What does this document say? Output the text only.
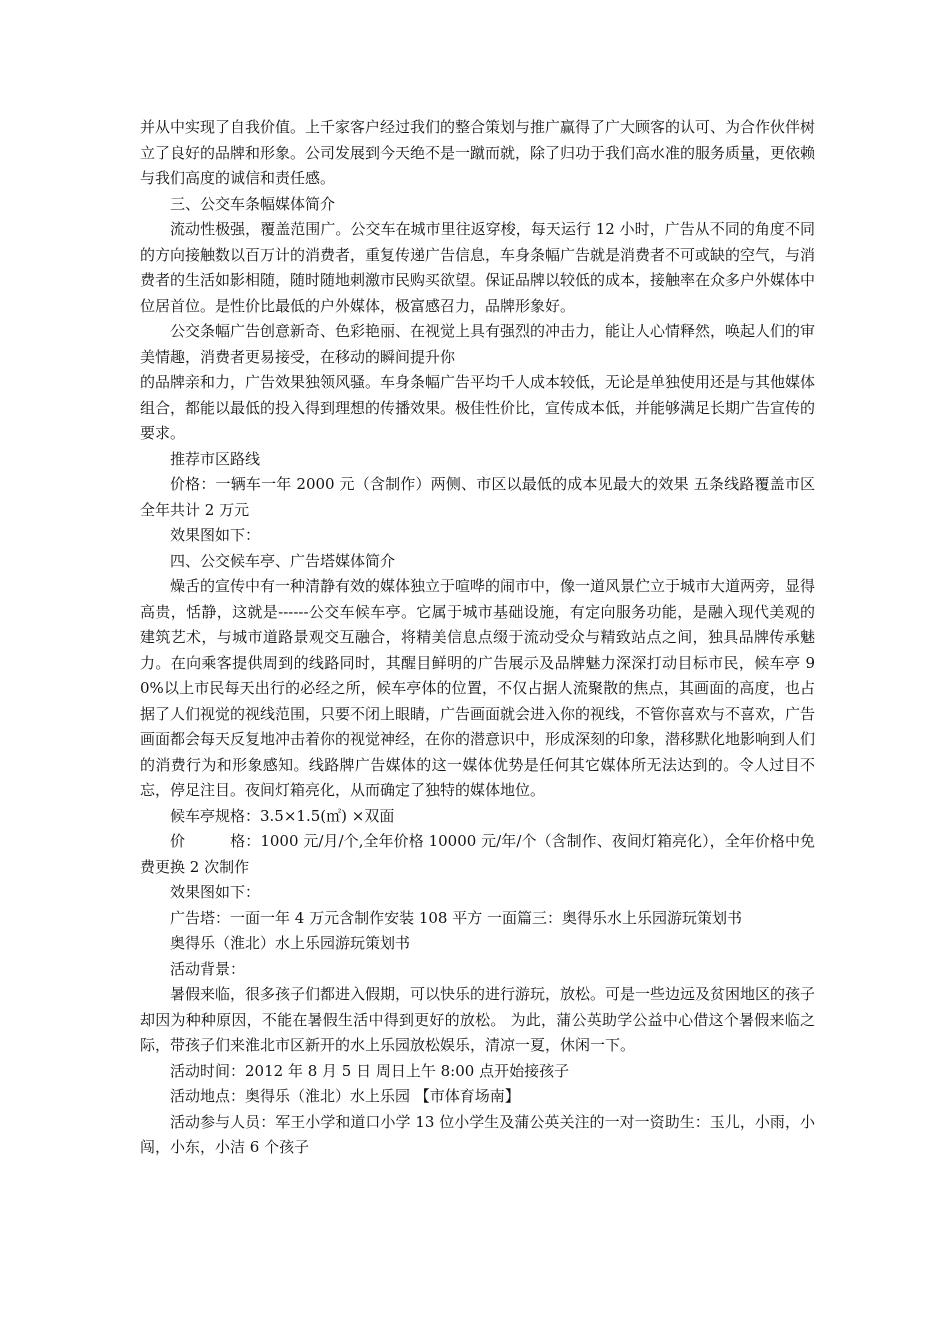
并从中实现了自我价值。上千家客户经过我们的整合策划与推广赢得了广大顾客的认可、为合作伙伴树立了良好的品牌和形象。公司发展到今天绝不是一蹴而就，除了归功于我们高水准的服务质量，更依赖与我们高度的诚信和责任感。

三、公交车条幅媒体简介

流动性极强，覆盖范围广。公交车在城市里往返穿梭，每天运行 12 小时，广告从不同的角度不同的方向接触数以百万计的消费者，重复传递广告信息，车身条幅广告就是消费者不可或缺的空气，与消费者的生活如影相随，随时随地刺激市民购买欲望。保证品牌以较低的成本，接触率在众多户外媒体中位居首位。是性价比最低的户外媒体，极富感召力，品牌形象好。

公交条幅广告创意新奇、色彩艳丽、在视觉上具有强烈的冲击力，能让人心情释然，唤起人们的审美情趣，消费者更易接受，在移动的瞬间提升你

的品牌亲和力，广告效果独领风骚。车身条幅广告平均千人成本较低，无论是单独使用还是与其他媒体组合，都能以最低的投入得到理想的传播效果。极佳性价比，宣传成本低，并能够满足长期广告宣传的要求。

推荐市区路线

价格：一辆车一年 2000 元（含制作）两侧、市区以最低的成本见最大的效果 五条线路覆盖市区 全年共计 2 万元

效果图如下：

四、公交候车亭、广告塔媒体简介

燥舌的宣传中有一种清静有效的媒体独立于喧哗的闹市中，像一道风景伫立于城市大道两旁，显得高贵，恬静，这就是------公交车候车亭。它属于城市基础设施，有定向服务功能，是融入现代美观的建筑艺术，与城市道路景观交互融合，将精美信息点缀于流动受众与精致站点之间，独具品牌传承魅力。在向乘客提供周到的线路同时，其醒目鲜明的广告展示及品牌魅力深深打动目标市民，候车亭 90%以上市民每天出行的必经之所，候车亭体的位置，不仅占据人流聚散的焦点，其画面的高度，也占据了人们视觉的视线范围，只要不闭上眼睛，广告画面就会进入你的视线，不管你喜欢与不喜欢，广告画面都会每天反复地冲击着你的视觉神经，在你的潜意识中，形成深刻的印象，潜移默化地影响到人们的消费行为和形象感知。线路牌广告媒体的这一媒体优势是任何其它媒体所无法达到的。令人过目不忘，停足注目。夜间灯箱亮化，从而确定了独特的媒体地位。

候车亭规格：3.5×1.5(㎡) ×双面

价　　　格：1000 元/月/个,全年价格 10000 元/年/个（含制作、夜间灯箱亮化），全年价格中免费更换 2 次制作

效果图如下：

广告塔：一面一年 4 万元含制作安装 108 平方 一面篇三：奥得乐水上乐园游玩策划书

奥得乐（淮北）水上乐园游玩策划书

活动背景：

暑假来临，很多孩子们都进入假期，可以快乐的进行游玩，放松。可是一些边远及贫困地区的孩子却因为种种原因，不能在暑假生活中得到更好的放松。 为此，蒲公英助学公益中心借这个暑假来临之际，带孩子们来淮北市区新开的水上乐园放松娱乐，清凉一夏，休闲一下。

活动时间：2012 年 8 月 5 日 周日上午 8:00 点开始接孩子

活动地点：奥得乐（淮北）水上乐园 【市体育场南】

活动参与人员：军王小学和道口小学 13 位小学生及蒲公英关注的一对一资助生：玉儿，小雨，小闯，小东，小洁 6 个孩子
